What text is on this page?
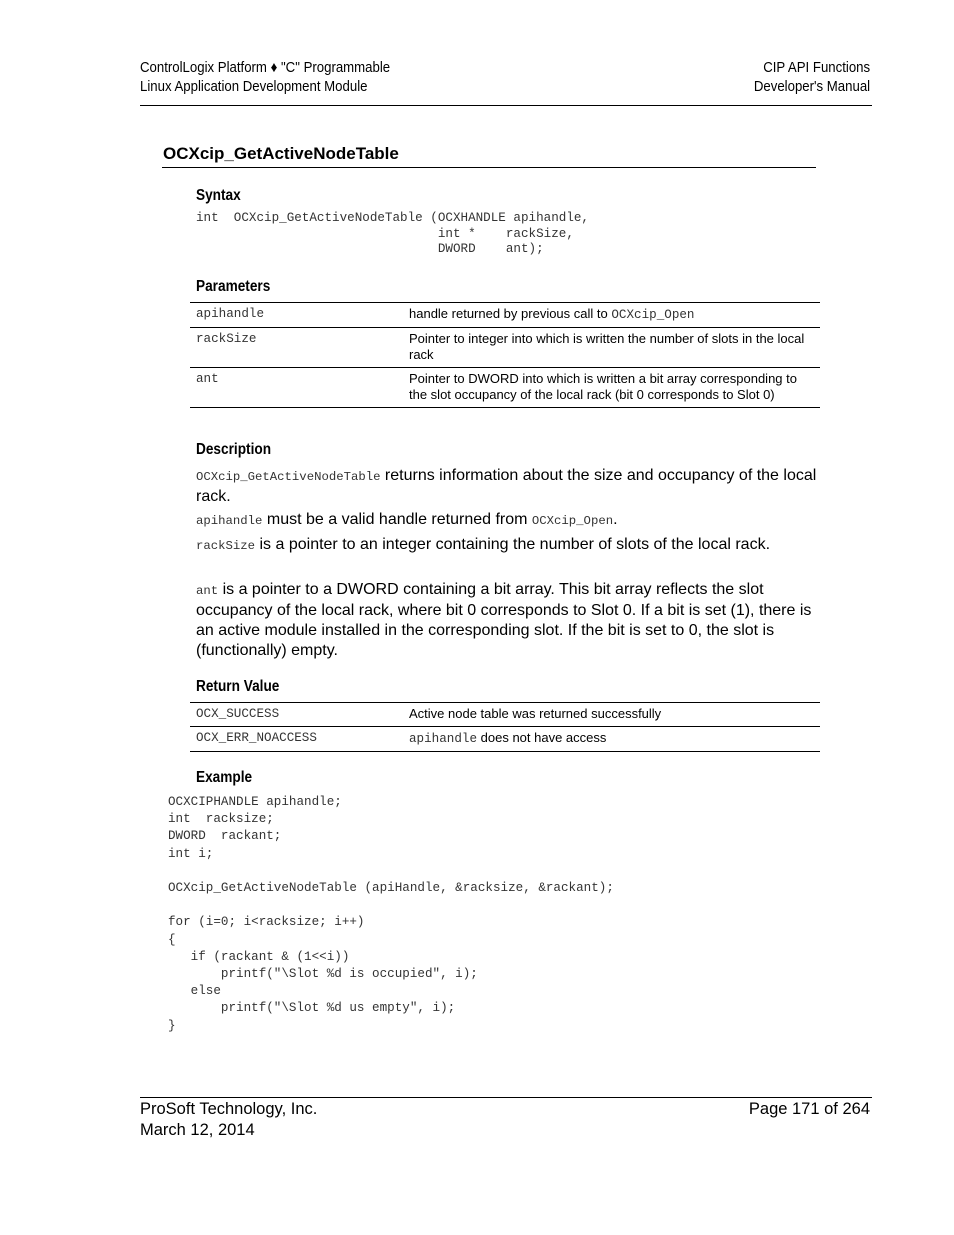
ControlLogix Platform ♦ "C" Programmable
Linux Application Development Module
CIP API Functions
Developer's Manual
OCXcip_GetActiveNodeTable
Syntax
int  OCXcip_GetActiveNodeTable (OCXHANDLE apihandle,
int *    rackSize,
DWORD    ant);
Parameters
apihandle	handle returned by previous call to OCXcip_Open
rackSize	Pointer to integer into which is written the number of slots in the local rack
ant	Pointer to DWORD into which is written a bit array corresponding to the slot occupancy of the local rack (bit 0 corresponds to Slot 0)
Description
OCXcip_GetActiveNodeTable returns information about the size and occupancy of the local rack.
apihandle must be a valid handle returned from OCXcip_Open.
rackSize is a pointer to an integer containing the number of slots of the local rack.
ant is a pointer to a DWORD containing a bit array. This bit array reflects the slot occupancy of the local rack, where bit 0 corresponds to Slot 0. If a bit is set (1), there is an active module installed in the corresponding slot. If the bit is set to 0, the slot is (functionally) empty.
Return Value
OCX_SUCCESS	Active node table was returned successfully
OCX_ERR_NOACCESS	apihandle does not have access
Example
OCXCIPHANDLE apihandle;
int  racksize;
DWORD  rackant;
int i;

OCXcip_GetActiveNodeTable (apiHandle, &racksize, &rackant);

for (i=0; i<racksize; i++)
{
if (rackant & (1<<i))
printf("\Slot %d is occupied", i);
else
printf("\Slot %d us empty", i);
}
ProSoft Technology, Inc.
March 12, 2014
Page 171 of 264
